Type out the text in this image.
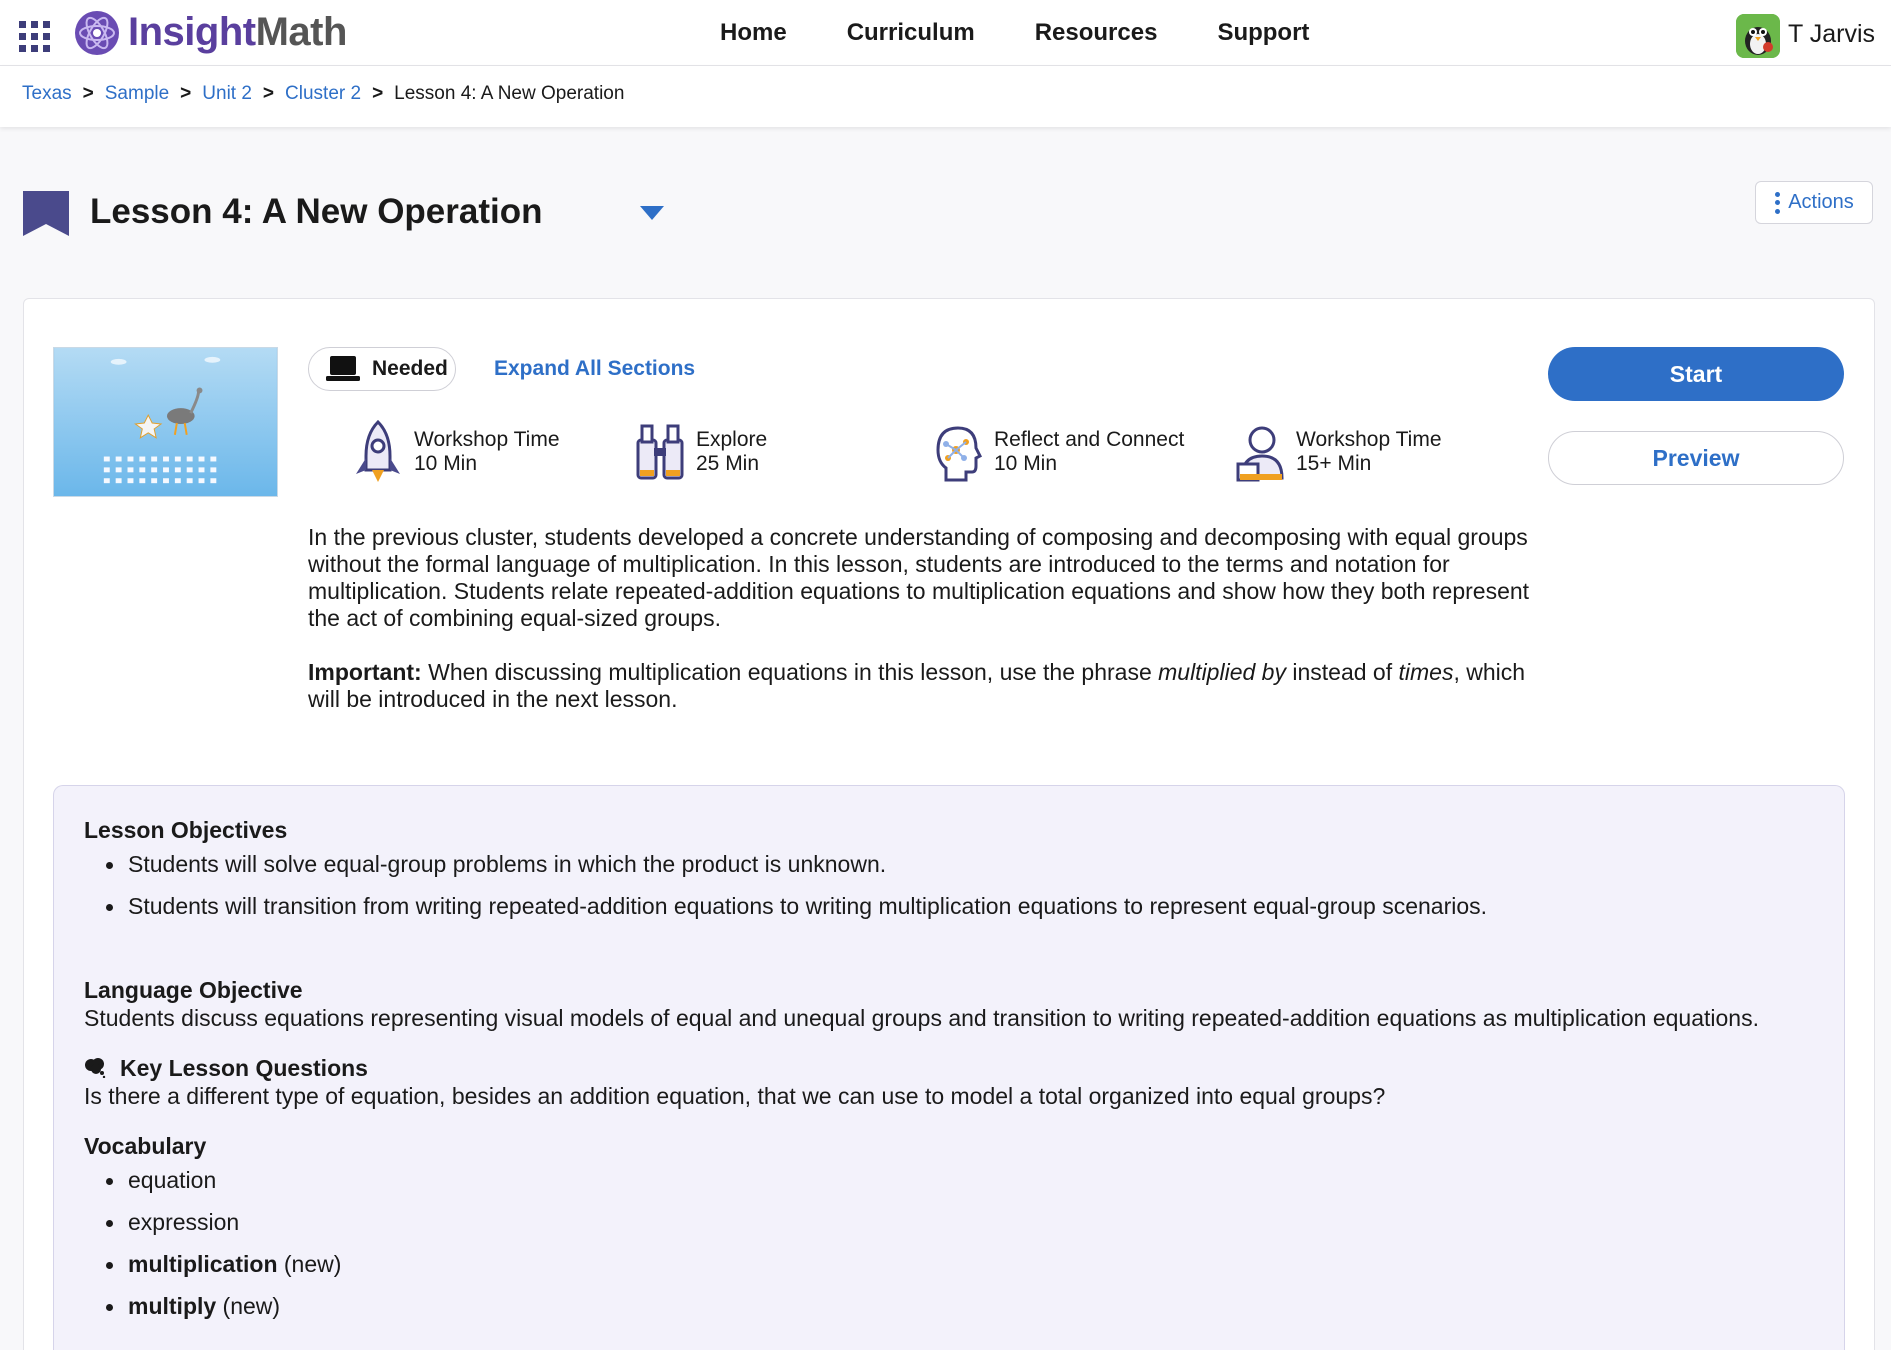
InsightMath	Home	Curriculum	Resources	Support	T Jarvis
Texas > Sample > Unit 2 > Cluster 2 > Lesson 4: A New Operation
Lesson 4: A New Operation	Actions
Needed Expand All Sections
Workshop Time
10 Min
Explore
25 Min
Reflect and Connect
10 Min
Workshop Time
15+ Min
Start
Preview

In the previous cluster, students developed a concrete understanding of composing and decomposing with equal groups without the formal language of multiplication. In this lesson, students are introduced to the terms and notation for multiplication. Students relate repeated-addition equations to multiplication equations and show how they both represent the act of combining equal-sized groups.

Important: When discussing multiplication equations in this lesson, use the phrase multiplied by instead of times, which will be introduced in the next lesson.

Lesson Objectives
Students will solve equal-group problems in which the product is unknown.
Students will transition from writing repeated-addition equations to writing multiplication equations to represent equal-group scenarios.
Language Objective
Students discuss equations representing visual models of equal and unequal groups and transition to writing repeated-addition equations as multiplication equations.
Key Lesson Questions
Is there a different type of equation, besides an addition equation, that we can use to model a total organized into equal groups?
Vocabulary
equation
expression
multiplication (new)
multiply (new)
